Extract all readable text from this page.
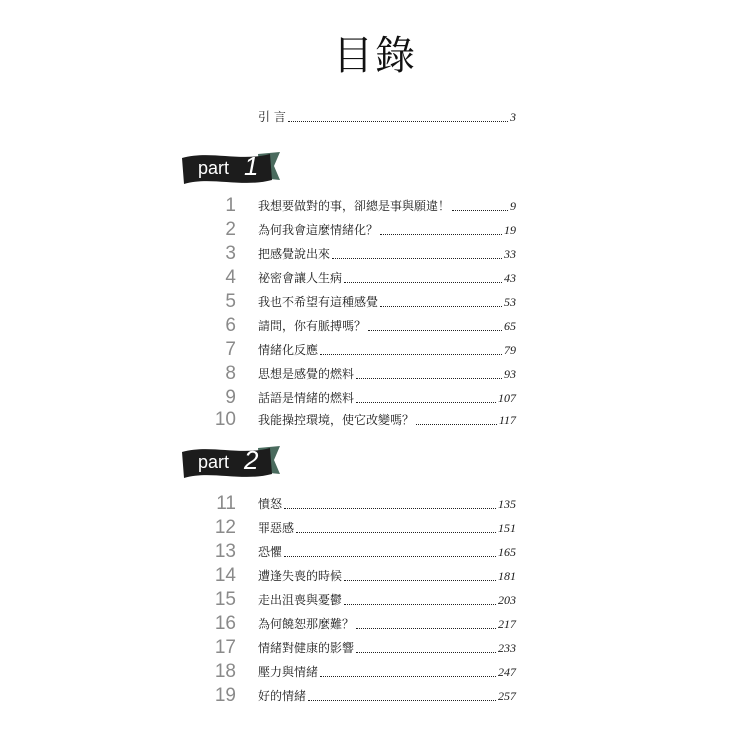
目錄
引 言	3
part 1
1 我想要做對的事，卻總是事與願違！	9
2 為何我會這麼情緒化？	19
3 把感覺說出來	33
4 祕密會讓人生病	43
5 我也不希望有這種感覺	53
6 請問，你有脈搏嗎？	65
7 情緒化反應	79
8 思想是感覺的燃料	93
9 話語是情緒的燃料	107
10 我能操控環境，使它改變嗎？	117
part 2
11 憤怒	135
12 罪惡感	151
13 恐懼	165
14 遭逢失喪的時候	181
15 走出沮喪與憂鬱	203
16 為何饒恕那麼難？	217
17 情緒對健康的影響	233
18 壓力與情緒	247
19 好的情緒	257
